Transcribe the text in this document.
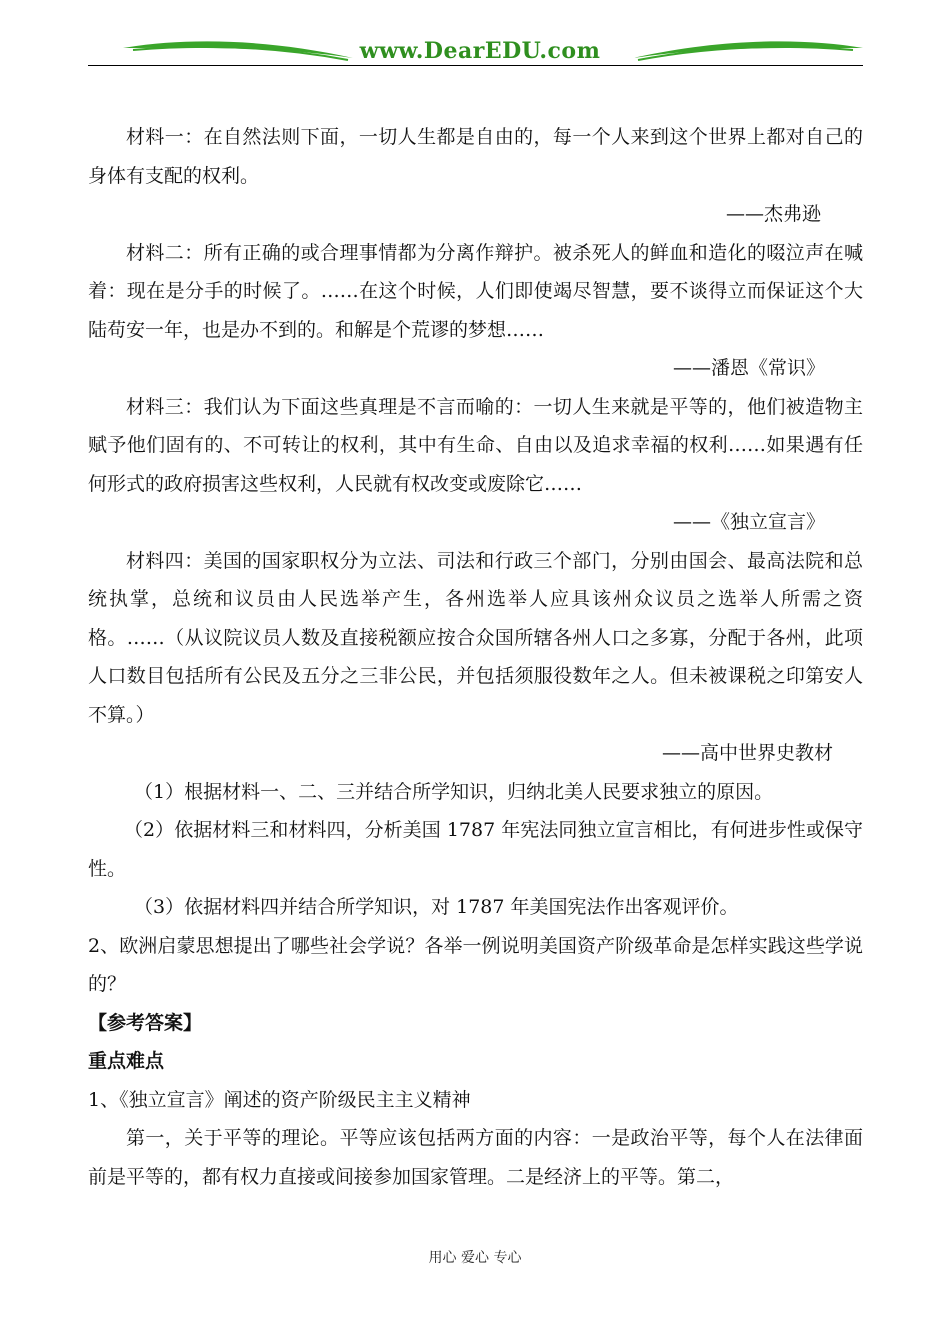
www.DearEDU.com

材料一：在自然法则下面，一切人生都是自由的，每一个人来到这个世界上都对自己的身体有支配的权利。

——杰弗逊

材料二：所有正确的或合理事情都为分离作辩护。被杀死人的鲜血和造化的啜泣声在喊着：现在是分手的时候了。……在这个时候，人们即使竭尽智慧，要不谈得立而保证这个大陆苟安一年，也是办不到的。和解是个荒谬的梦想……

——潘恩《常识》

材料三：我们认为下面这些真理是不言而喻的：一切人生来就是平等的，他们被造物主赋予他们固有的、不可转让的权利，其中有生命、自由以及追求幸福的权利……如果遇有任何形式的政府损害这些权利，人民就有权改变或废除它……

——《独立宣言》

材料四：美国的国家职权分为立法、司法和行政三个部门，分别由国会、最高法院和总统执掌，总统和议员由人民选举产生，各州选举人应具该州众议员之选举人所需之资格。……（从议院议员人数及直接税额应按合众国所辖各州人口之多寡，分配于各州，此项人口数目包括所有公民及五分之三非公民，并包括须服役数年之人。但未被课税之印第安人不算。）

——高中世界史教材

（1）根据材料一、二、三并结合所学知识，归纳北美人民要求独立的原因。

（2）依据材料三和材料四，分析美国 1787 年宪法同独立宣言相比，有何进步性或保守性。

（3）依据材料四并结合所学知识，对 1787 年美国宪法作出客观评价。

2、欧洲启蒙思想提出了哪些社会学说？各举一例说明美国资产阶级革命是怎样实践这些学说的？

【参考答案】

重点难点

1、《独立宣言》阐述的资产阶级民主主义精神

第一，关于平等的理论。平等应该包括两方面的内容：一是政治平等，每个人在法律面前是平等的，都有权力直接或间接参加国家管理。二是经济上的平等。第二，

用心 爱心 专心
